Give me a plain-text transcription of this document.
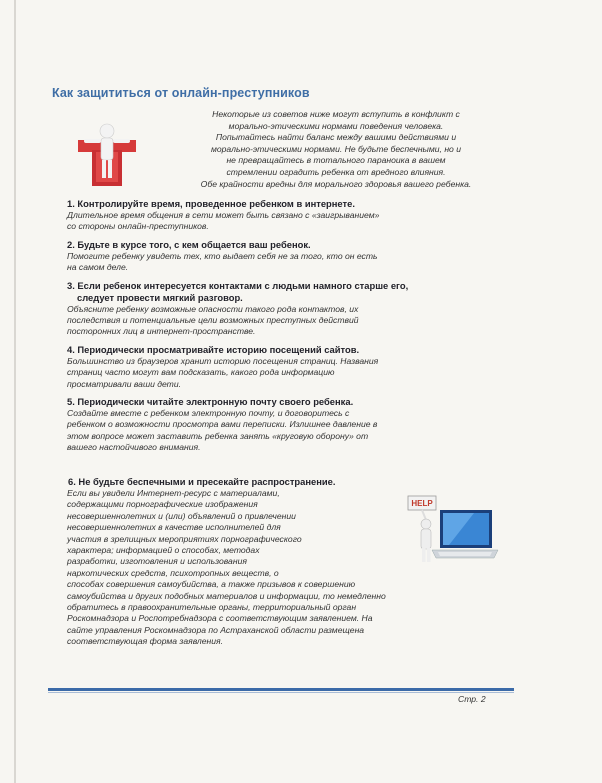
Как защититься от онлайн-преступников
Некоторые из советов ниже могут вступить в конфликт с
морально-этическими нормами поведения человека.
Попытайтесь найти баланс между вашими действиями и
морально-этическими нормами. Не будьте беспечными, но и
не превращайтесь в тотального параноика в вашем
стремлении оградить ребенка от вредного влияния.
Обе крайности вредны для морального здоровья вашего ребенка.
1. Контролируйте время, проведенное ребенком в интернете.

Длительное время общения в сети может быть связано с «заигрыванием»
со стороны онлайн-преступников.

2. Будьте в курсе того, с кем общается ваш ребенок.

Помогите ребенку увидеть тех, кто выдает себя не за того, кто он есть
на самом деле.

3. Если ребенок интересуется контактами с людьми намного старше его,
следует провести мягкий разговор.

Объясните ребенку возможные опасности такого рода контактов, их
последствия и потенциальные цели возможных преступных действий
посторонних лиц в интернет-пространстве.

4. Периодически просматривайте историю посещений сайтов.

Большинство из браузеров хранит историю посещения страниц. Названия
страниц часто могут вам подсказать, какого рода информацию
просматривали ваши дети.

5. Периодически читайте электронную почту своего ребенка.

Создайте вместе с ребенком электронную почту, и договоритесь с
ребенком о возможности просмотра вами переписки. Излишнее давление в
этом вопросе может заставить ребенка занять «круговую оборону» от
вашего настойчивого внимания.

6. Не будьте беспечными и пресекайте распространение.

Если вы увидели Интернет-ресурс с материалами,
содержащими порнографические изображения
несовершеннолетних и (или) объявлений о привлечении
несовершеннолетних в качестве исполнителей для
участия в зрелищных мероприятиях порнографического
характера; информацией о способах, методах
разработки, изготовления и использования
наркотических средств, психотропных веществ, о
способах совершения самоубийства, а также призывов к совершению
самоубийства и других подобных материалов и информации, то немедленно
обратитесь в правоохранительные органы, территориальный орган
Роскомнадзора и Роспотребнадзора с соответствующим заявлением. На
сайте управления Роскомнадзора по Астраханской области размещена
соответствующая форма заявления.

HELP
Стр. 2
